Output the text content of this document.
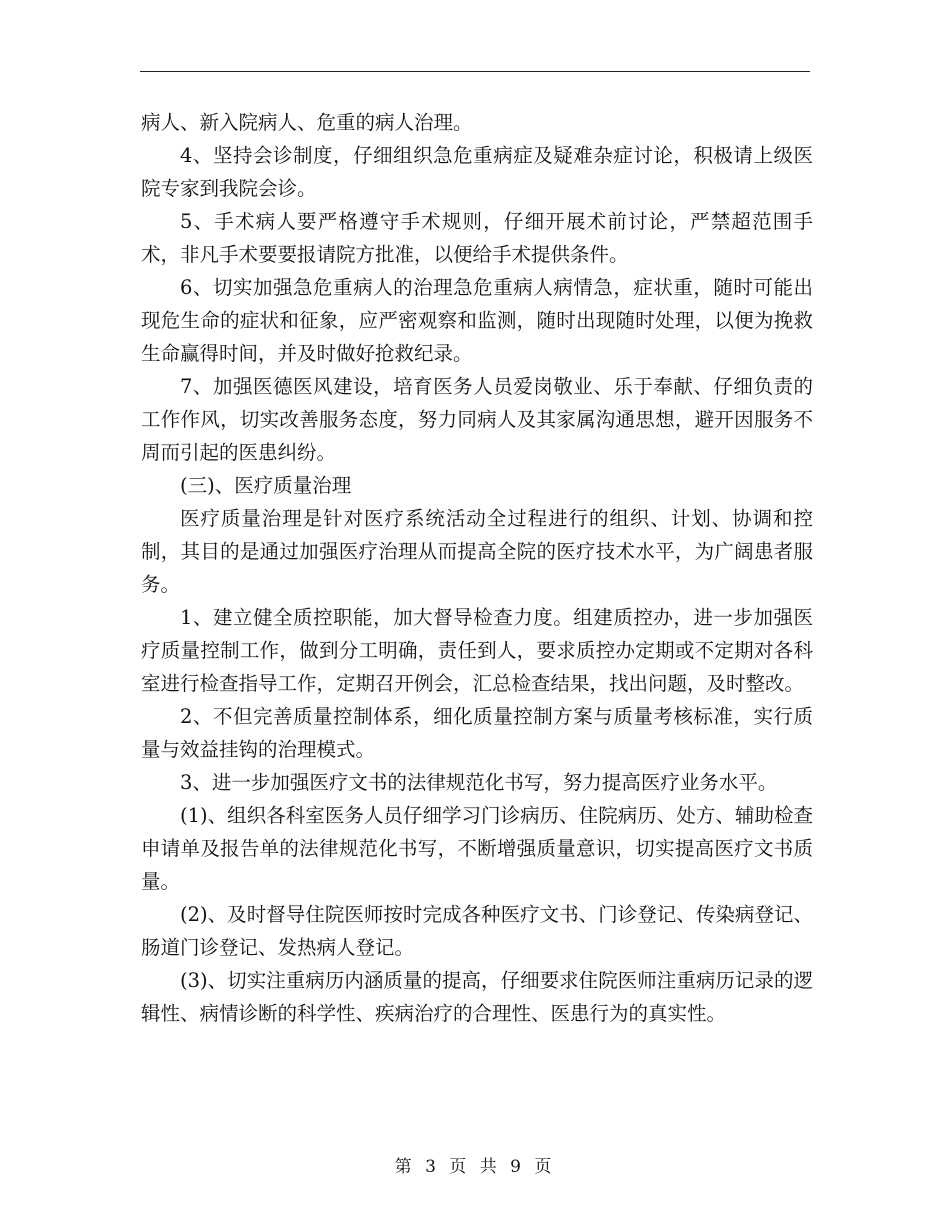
病人、新入院病人、危重的病人治理。

4、坚持会诊制度，仔细组织急危重病症及疑难杂症讨论，积极请上级医院专家到我院会诊。

5、手术病人要严格遵守手术规则，仔细开展术前讨论，严禁超范围手术，非凡手术要要报请院方批准，以便给手术提供条件。

6、切实加强急危重病人的治理急危重病人病情急，症状重，随时可能出现危生命的症状和征象，应严密观察和监测，随时出现随时处理，以便为挽救生命赢得时间，并及时做好抢救纪录。

7、加强医德医风建设，培育医务人员爱岗敬业、乐于奉献、仔细负责的工作作风，切实改善服务态度，努力同病人及其家属沟通思想，避开因服务不周而引起的医患纠纷。

(三)、医疗质量治理

医疗质量治理是针对医疗系统活动全过程进行的组织、计划、协调和控制，其目的是通过加强医疗治理从而提高全院的医疗技术水平，为广阔患者服务。

1、建立健全质控职能，加大督导检查力度。组建质控办，进一步加强医疗质量控制工作，做到分工明确，责任到人，要求质控办定期或不定期对各科室进行检查指导工作，定期召开例会，汇总检查结果，找出问题，及时整改。

2、不但完善质量控制体系，细化质量控制方案与质量考核标准，实行质量与效益挂钩的治理模式。

3、进一步加强医疗文书的法律规范化书写，努力提高医疗业务水平。

(1)、组织各科室医务人员仔细学习门诊病历、住院病历、处方、辅助检查申请单及报告单的法律规范化书写，不断增强质量意识，切实提高医疗文书质量。

(2)、及时督导住院医师按时完成各种医疗文书、门诊登记、传染病登记、肠道门诊登记、发热病人登记。

(3)、切实注重病历内涵质量的提高，仔细要求住院医师注重病历记录的逻辑性、病情诊断的科学性、疾病治疗的合理性、医患行为的真实性。

第 3 页 共 9 页
